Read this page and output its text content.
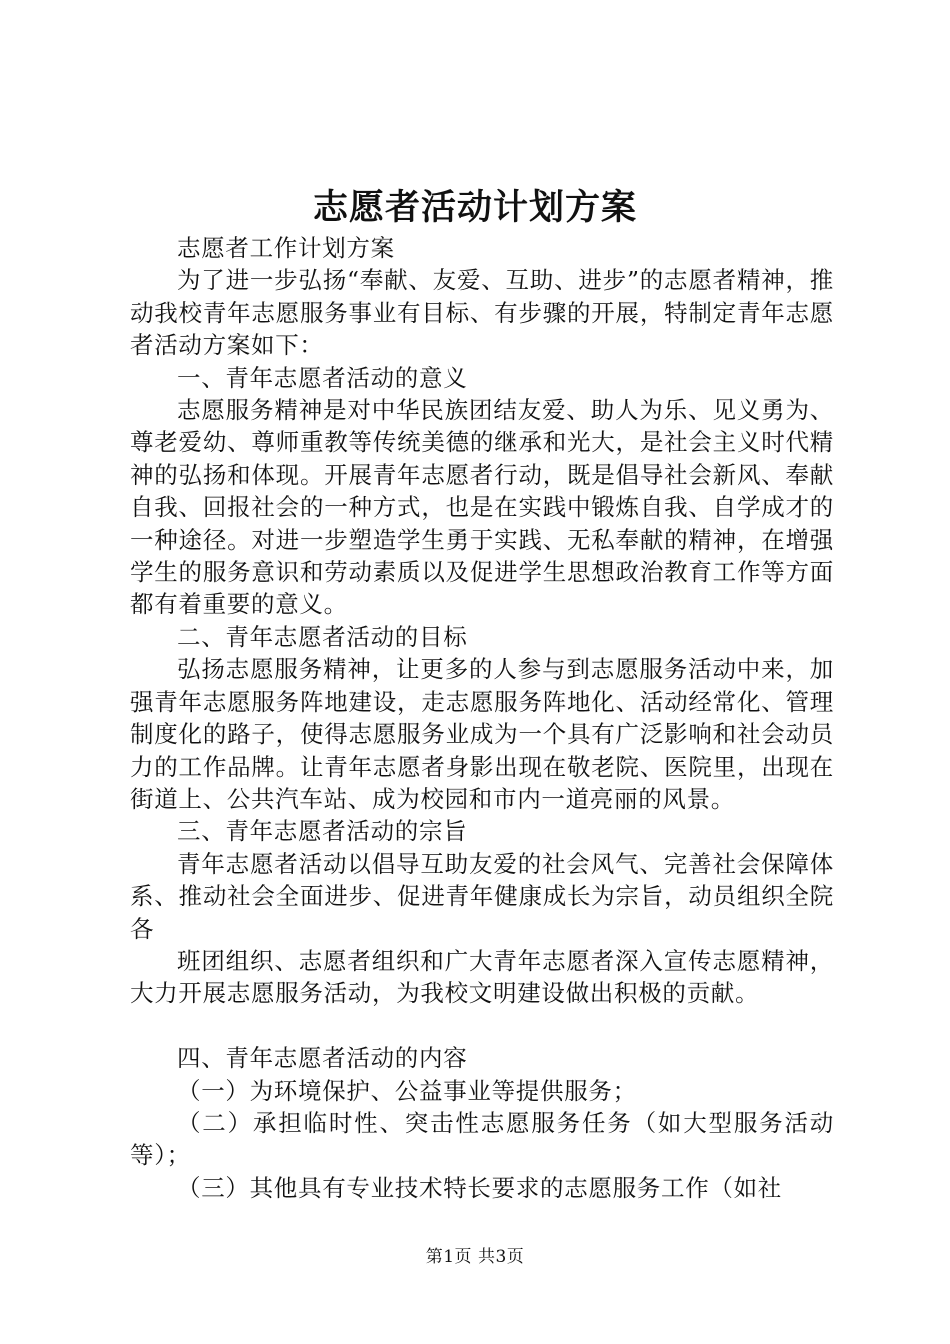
志愿者活动计划方案

志愿者工作计划方案

为了进一步弘扬“奉献、友爱、互助、进步”的志愿者精神，推动我校青年志愿服务事业有目标、有步骤的开展，特制定青年志愿者活动方案如下：

一、青年志愿者活动的意义

志愿服务精神是对中华民族团结友爱、助人为乐、见义勇为、尊老爱幼、尊师重教等传统美德的继承和光大，是社会主义时代精神的弘扬和体现。开展青年志愿者行动，既是倡导社会新风、奉献自我、回报社会的一种方式，也是在实践中锻炼自我、自学成才的一种途径。对进一步塑造学生勇于实践、无私奉献的精神，在增强学生的服务意识和劳动素质以及促进学生思想政治教育工作等方面都有着重要的意义。

二、青年志愿者活动的目标

弘扬志愿服务精神，让更多的人参与到志愿服务活动中来，加强青年志愿服务阵地建设，走志愿服务阵地化、活动经常化、管理制度化的路子，使得志愿服务业成为一个具有广泛影响和社会动员力的工作品牌。让青年志愿者身影出现在敬老院、医院里，出现在街道上、公共汽车站、成为校园和市内一道亮丽的风景。

三、青年志愿者活动的宗旨

青年志愿者活动以倡导互助友爱的社会风气、完善社会保障体系、推动社会全面进步、促进青年健康成长为宗旨，动员组织全院各

班团组织、志愿者组织和广大青年志愿者深入宣传志愿精神，大力开展志愿服务活动，为我校文明建设做出积极的贡献。

四、青年志愿者活动的内容

（一）为环境保护、公益事业等提供服务；

（二）承担临时性、突击性志愿服务任务（如大型服务活动等）；

（三）其他具有专业技术特长要求的志愿服务工作（如社

第1页 共3页
